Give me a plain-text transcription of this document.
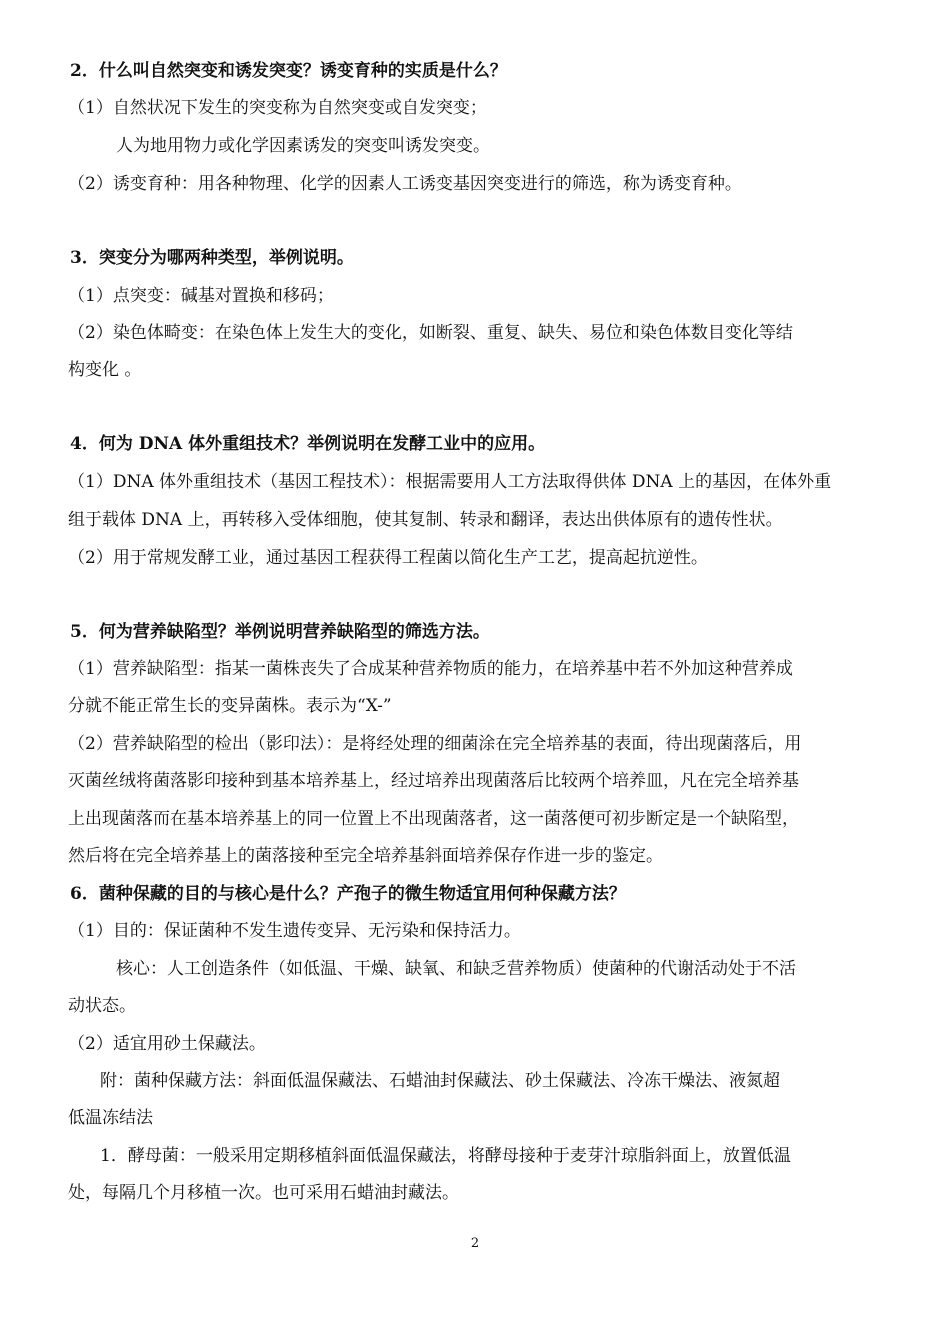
2．什么叫自然突变和诱发突变？诱变育种的实质是什么？
（1）自然状况下发生的突变称为自然突变或自发突变；
人为地用物力或化学因素诱发的突变叫诱发突变。
（2）诱变育种：用各种物理、化学的因素人工诱变基因突变进行的筛选，称为诱变育种。
3．突变分为哪两种类型，举例说明。
（1）点突变：碱基对置换和移码；
（2）染色体畸变：在染色体上发生大的变化，如断裂、重复、缺失、易位和染色体数目变化等结
构变化 。
4．何为 DNA 体外重组技术？举例说明在发酵工业中的应用。
（1）DNA 体外重组技术（基因工程技术）：根据需要用人工方法取得供体 DNA 上的基因，在体外重
组于载体 DNA 上，再转移入受体细胞，使其复制、转录和翻译，表达出供体原有的遗传性状。
（2）用于常规发酵工业，通过基因工程获得工程菌以简化生产工艺，提高起抗逆性。
5．何为营养缺陷型？举例说明营养缺陷型的筛选方法。
（1）营养缺陷型：指某一菌株丧失了合成某种营养物质的能力，在培养基中若不外加这种营养成
分就不能正常生长的变异菌株。表示为“X-”
（2）营养缺陷型的检出（影印法）：是将经处理的细菌涂在完全培养基的表面，待出现菌落后，用
灭菌丝绒将菌落影印接种到基本培养基上，经过培养出现菌落后比较两个培养皿，凡在完全培养基
上出现菌落而在基本培养基上的同一位置上不出现菌落者，这一菌落便可初步断定是一个缺陷型，
然后将在完全培养基上的菌落接种至完全培养基斜面培养保存作进一步的鉴定。
6．菌种保藏的目的与核心是什么？产孢子的微生物适宜用何种保藏方法？
（1）目的：保证菌种不发生遗传变异、无污染和保持活力。
核心：人工创造条件（如低温、干燥、缺氧、和缺乏营养物质）使菌种的代谢活动处于不活
动状态。
（2）适宜用砂土保藏法。
附：菌种保藏方法：斜面低温保藏法、石蜡油封保藏法、砂土保藏法、冷冻干燥法、液氮超
低温冻结法
1．酵母菌：一般采用定期移植斜面低温保藏法，将酵母接种于麦芽汁琼脂斜面上，放置低温
处，每隔几个月移植一次。也可采用石蜡油封藏法。
2
